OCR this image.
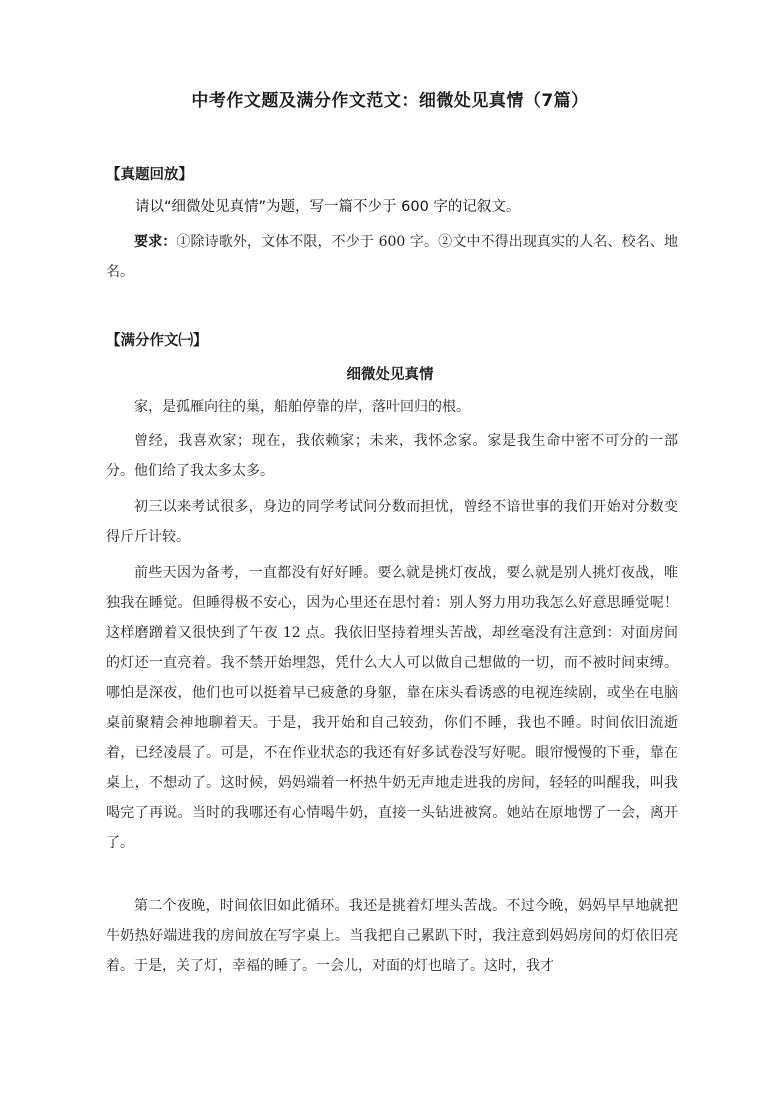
中考作文题及满分作文范文：细微处见真情（7篇）
【真题回放】
请以“细微处见真情”为题，写一篇不少于 600 字的记叙文。
要求：①除诗歌外，文体不限，不少于 600 字。②文中不得出现真实的人名、校名、地名。
【满分作文㈠】
细微处见真情
家，是孤雁向往的巢，船舶停靠的岸，落叶回归的根。
曾经，我喜欢家；现在，我依赖家；未来，我怀念家。家是我生命中密不可分的一部分。他们给了我太多太多。
初三以来考试很多，身边的同学考试问分数而担忧，曾经不谙世事的我们开始对分数变得斤斤计较。
前些天因为备考，一直都没有好好睡。要么就是挑灯夜战，要么就是别人挑灯夜战，唯独我在睡觉。但睡得极不安心，因为心里还在思忖着：别人努力用功我怎么好意思睡觉呢！这样磨蹭着又很快到了午夜 12 点。我依旧坚持着埋头苦战，却丝毫没有注意到：对面房间的灯还一直亮着。我不禁开始埋怨，凭什么大人可以做自己想做的一切，而不被时间束缚。哪怕是深夜，他们也可以挺着早已疲惫的身躯，靠在床头看诱惑的电视连续剧，或坐在电脑桌前聚精会神地聊着天。于是，我开始和自己较劲，你们不睡，我也不睡。时间依旧流逝着，已经凌晨了。可是，不在作业状态的我还有好多试卷没写好呢。眼帘慢慢的下垂，靠在桌上，不想动了。这时候，妈妈端着一杯热牛奶无声地走进我的房间，轻轻的叫醒我，叫我喝完了再说。当时的我哪还有心情喝牛奶，直接一头钻进被窝。她站在原地愣了一会，离开了。
第二个夜晚，时间依旧如此循环。我还是挑着灯埋头苦战。不过今晚，妈妈早早地就把牛奶热好端进我的房间放在写字桌上。当我把自己累趴下时，我注意到妈妈房间的灯依旧亮着。于是，关了灯，幸福的睡了。一会儿，对面的灯也暗了。这时，我才
